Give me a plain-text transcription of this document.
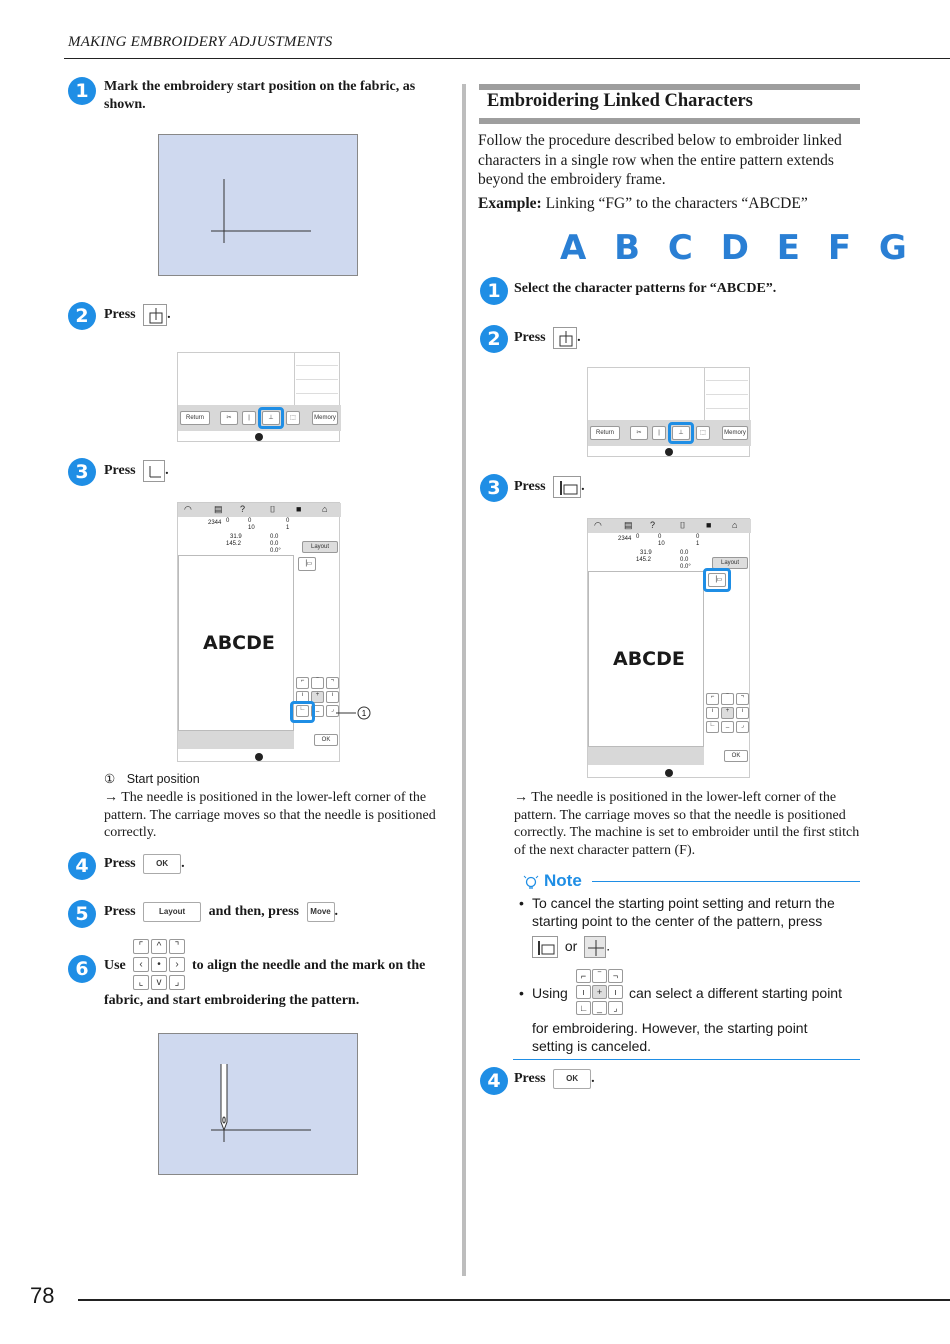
MAKING EMBROIDERY ADJUSTMENTS
1	Mark the embroidery start position on the fabric, as shown.
2	Press .
Return	✂	|	⊥	⬚	Memory
3	Press .
◠ ▤ ?	⌷ ■ ⌂
2344 0	0
10
0
1
31.9
145.2
0.0
0.0
0.0°
Layout
ABCDE
▕▭
⌐	‾	¬
ı	+	ı
∟	_	⌟
OK
1
① Start position
→ The needle is positioned in the lower-left corner of the pattern. The carriage moves so that the needle is positioned correctly.
4	Press	OK .
5	Press	Layout and then, press Move .
6	Use
⌜	^	⌝
‹	•	›
⌞	v	⌟
to align the needle and the mark on the
fabric, and start embroidering the pattern.
Embroidering Linked Characters
Follow the procedure described below to embroider linked characters in a single row when the entire pattern extends beyond the embroidery frame.
Example: Linking “FG” to the characters “ABCDE”
A B C D E F G
1 Select the character patterns for “ABCDE”.
2 Press .
Return	✂	|	⊥	⬚	Memory
3 Press	.
◠ ▤ ?	⌷ ■ ⌂
2344 0	0
10
0
1
31.9
145.2
0.0
0.0
0.0°
Layout
ABCDE
▕▭
⌐	‾	¬
ı	+	ı
∟	_	⌟
OK
→ The needle is positioned in the lower-left corner of the pattern. The carriage moves so that the needle is positioned correctly. The machine is set to embroider until the first stitch of the next character pattern (F).
Note
• To cancel the starting point setting and return the starting point to the center of the pattern, press
or .
• Using
⌐	‾	¬
ı	+	ı
∟	_	⌟
can select a different starting point
for embroidering. However, the starting point setting is canceled.
4 Press	OK .
78
